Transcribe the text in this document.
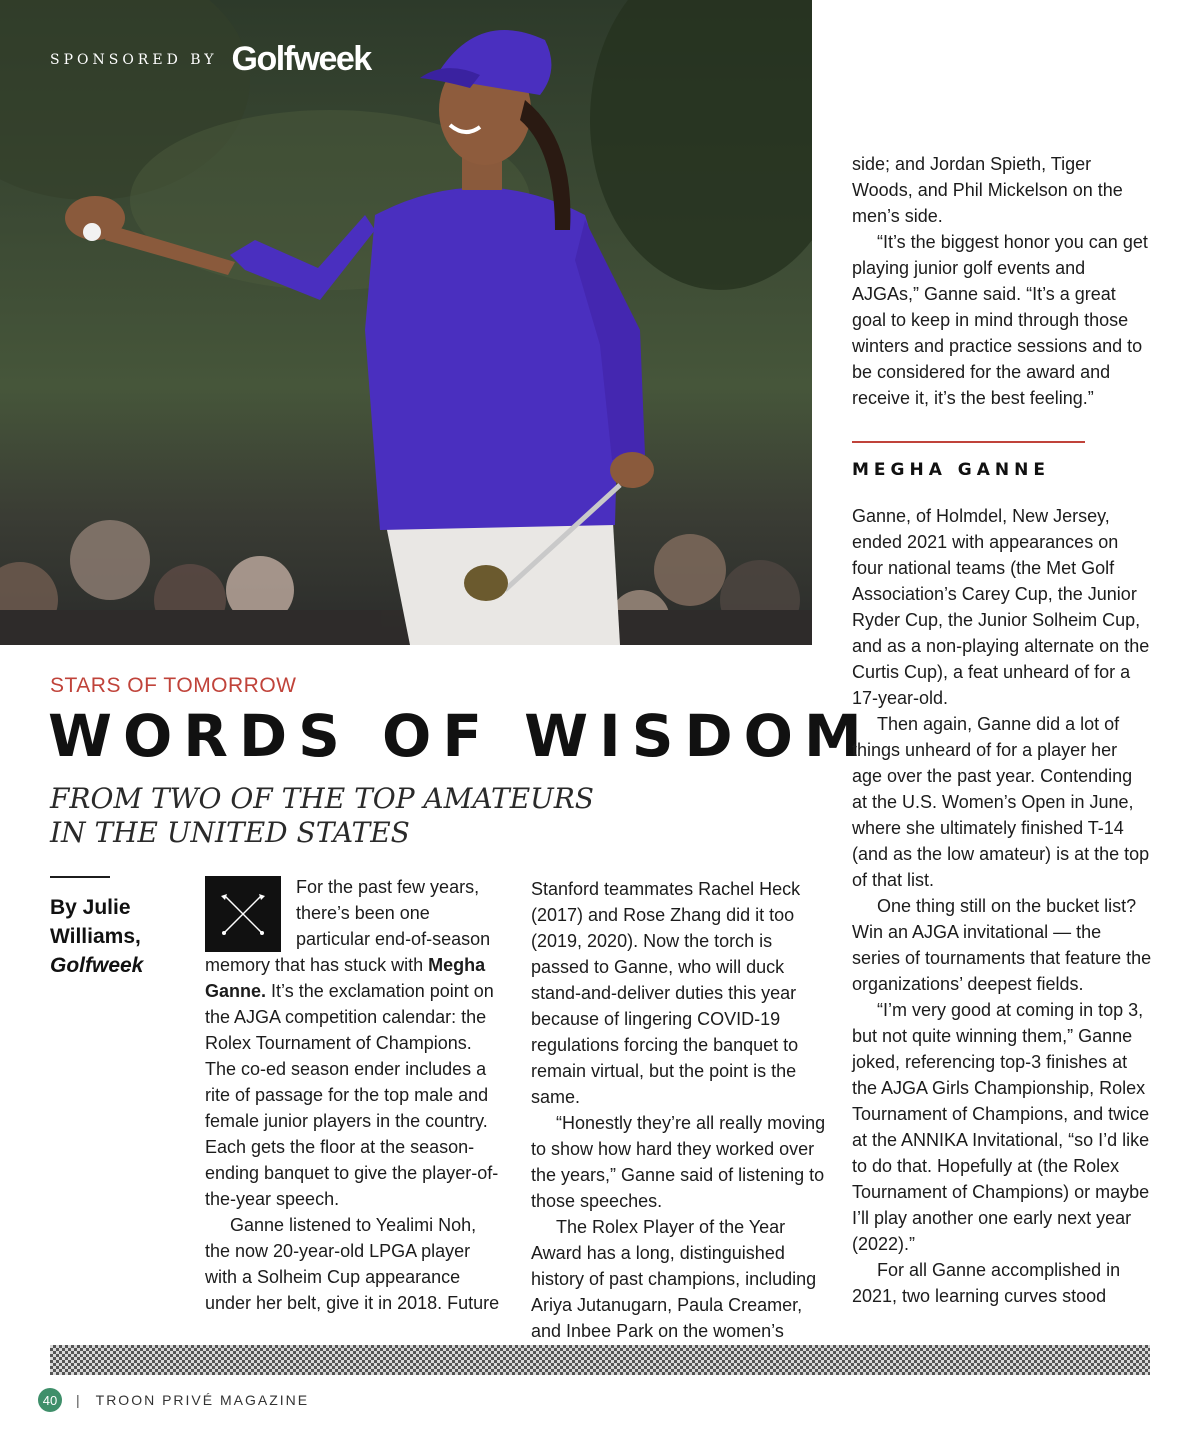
SPONSORED BY Golfweek
STARS OF TOMORROW
WORDS OF WISDOM
FROM TWO OF THE TOP AMATEURS
IN THE UNITED STATES
By Julie
Williams,
Golfweek

For the past few years, there’s been one particular end-of-season memory that has stuck with Megha Ganne. It’s the exclamation point on the AJGA competition calendar: the Rolex Tournament of Champions. The co-ed season ender includes a rite of passage for the top male and female junior players in the country. Each gets the floor at the season-ending banquet to give the player-of-the-year speech.

Ganne listened to Yealimi Noh, the now 20-year-old LPGA player with a Solheim Cup appearance under her belt, give it in 2018. Future

Stanford teammates Rachel Heck (2017) and Rose Zhang did it too (2019, 2020). Now the torch is passed to Ganne, who will duck stand-and-deliver duties this year because of lingering COVID-19 regulations forcing the banquet to remain virtual, but the point is the same.

“Honestly they’re all really moving to show how hard they worked over the years,” Ganne said of listening to those speeches.

The Rolex Player of the Year Award has a long, distinguished history of past champions, including Ariya Jutanugarn, Paula Creamer, and Inbee Park on the women’s

side; and Jordan Spieth, Tiger Woods, and Phil Mickelson on the men’s side.

“It’s the biggest honor you can get playing junior golf events and AJGAs,” Ganne said. “It’s a great goal to keep in mind through those winters and practice sessions and to be considered for the award and receive it, it’s the best feeling.”

MEGHA GANNE

Ganne, of Holmdel, New Jersey, ended 2021 with appearances on four national teams (the Met Golf Association’s Carey Cup, the Junior Ryder Cup, the Junior Solheim Cup, and as a non-playing alternate on the Curtis Cup), a feat unheard of for a 17-year-old.

Then again, Ganne did a lot of things unheard of for a player her age over the past year. Contending at the U.S. Women’s Open in June, where she ultimately finished T-14 (and as the low amateur) is at the top of that list.

One thing still on the bucket list? Win an AJGA invitational — the series of tournaments that feature the organizations’ deepest fields.

“I’m very good at coming in top 3, but not quite winning them,” Ganne joked, referencing top-3 finishes at the AJGA Girls Championship, Rolex Tournament of Champions, and twice at the ANNIKA Invitational, “so I’d like to do that. Hopefully at (the Rolex Tournament of Champions) or maybe I’ll play another one early next year (2022).”

For all Ganne accomplished in 2021, two learning curves stood

40	| TROON PRIVÉ MAGAZINE
